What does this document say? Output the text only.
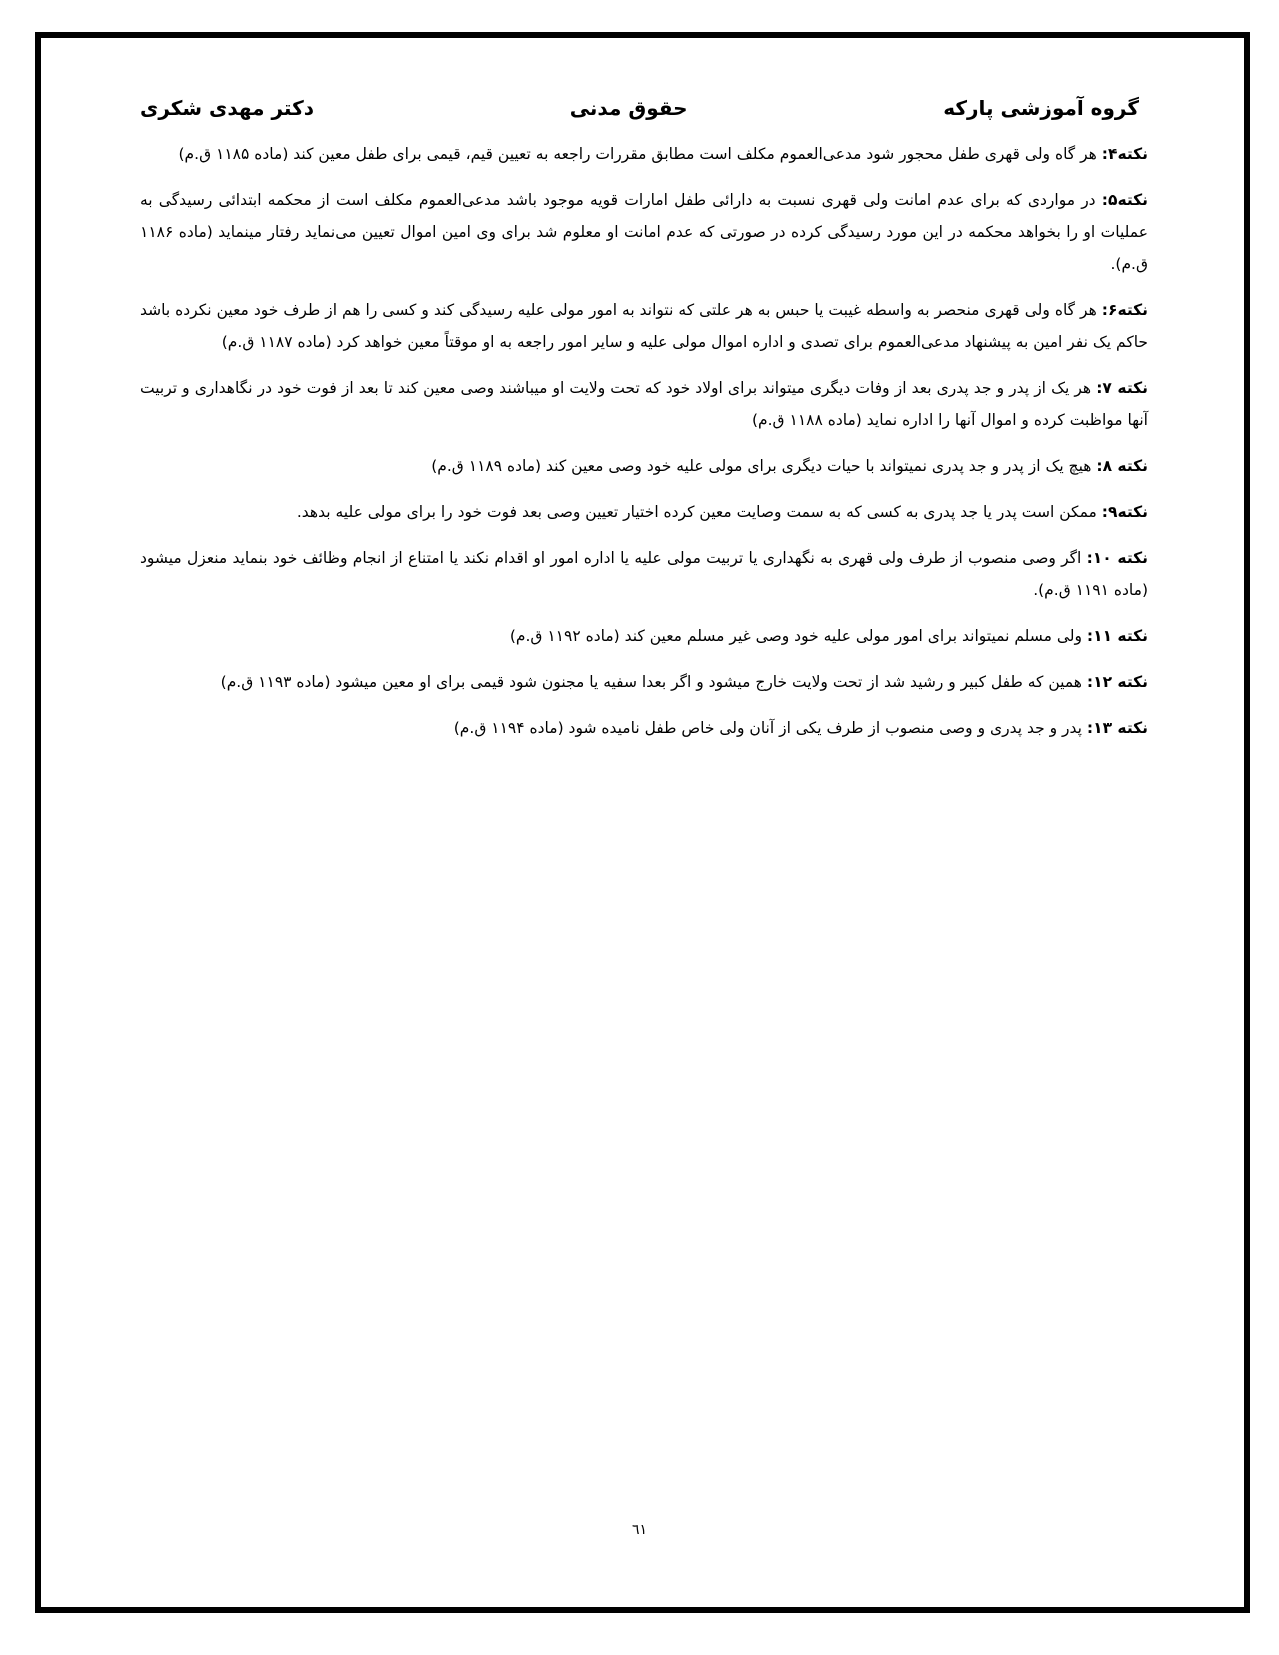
گروه آموزشی پارکه
حقوق مدنی
دکتر مهدی شکری

نکته۴: هر گاه ولی قهری طفل محجور شود مدعی‌العموم مکلف است مطابق مقررات راجعه به تعیین قیم، قیمی برای طفل معین کند (ماده ۱۱۸۵ ق.م)

نکته۵: در مواردی که برای عدم امانت ولی قهری نسبت به دارائی طفل امارات قویه موجود باشد مدعی‌العموم مکلف است از محکمه ابتدائی رسیدگی به عملیات او را بخواهد محکمه در این مورد رسیدگی کرده در صورتی که عدم امانت او معلوم شد برای وی امین اموال تعیین می‌نماید رفتار مینماید (ماده ۱۱۸۶ ق.م).

نکته۶: هر گاه ولی قهری منحصر به واسطه غیبت یا حبس به هر علتی که نتواند به امور مولی علیه رسیدگی کند و کسی را هم از طرف خود معین نکرده باشد حاکم یک نفر امین به پیشنهاد مدعی‌العموم برای تصدی و اداره اموال مولی علیه و سایر امور راجعه به او موقتاً معین خواهد کرد (ماده ۱۱۸۷ ق.م)

نکته ۷: هر یک از پدر و جد پدری بعد از وفات دیگری میتواند برای اولاد خود که تحت ولایت او میباشند وصی معین کند تا بعد از فوت خود در نگاهداری و تربیت آنها مواظبت کرده و اموال آنها را اداره نماید (ماده ۱۱۸۸ ق.م)

نکته ۸: هیچ یک از پدر و جد پدری نمیتواند با حیات دیگری برای مولی علیه خود وصی معین کند (ماده ۱۱۸۹ ق.م)

نکته۹: ممکن است پدر یا جد پدری به کسی که به سمت وصایت معین کرده اختیار تعیین وصی بعد فوت خود را برای مولی علیه بدهد.

نکته ۱۰: اگر وصی منصوب از طرف ولی قهری به نگهداری یا تربیت مولی علیه یا اداره امور او اقدام نکند یا امتناع از انجام وظائف خود بنماید منعزل میشود (ماده ۱۱۹۱ ق.م).

نکته ۱۱: ولی مسلم نمیتواند برای امور مولی علیه خود وصی غیر مسلم معین کند (ماده ۱۱۹۲ ق.م)

نکته ۱۲: همین که طفل کبیر و رشید شد از تحت ولایت خارج میشود و اگر بعدا سفیه یا مجنون شود قیمی برای او معین میشود (ماده ۱۱۹۳ ق.م)

نکته ۱۳: پدر و جد پدری و وصی منصوب از طرف یکی از آنان ولی خاص طفل نامیده شود (ماده ۱۱۹۴ ق.م)

٦١
